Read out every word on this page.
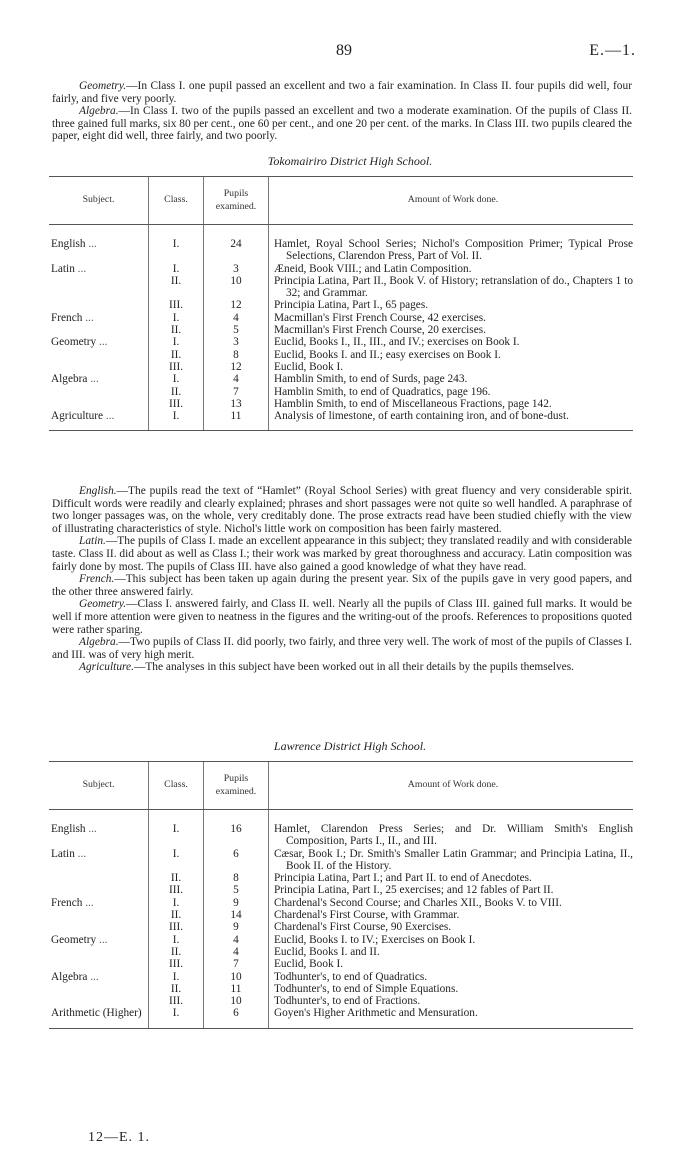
89	E.—1.

Geometry.—In Class I. one pupil passed an excellent and two a fair examination. In Class II. four pupils did well, four fairly, and five very poorly.

Algebra.—In Class I. two of the pupils passed an excellent and two a moderate examination. Of the pupils of Class II. three gained full marks, six 80 per cent., one 60 per cent., and one 20 per cent. of the marks. In Class III. two pupils cleared the paper, eight did well, three fairly, and two poorly.

Tokomairiro District High School.
Subject.	Class.	Pupils examined.	Amount of Work done.

English ...	I.	24	Hamlet, Royal School Series; Nichol's Composition Primer; Typical Prose Selections, Clarendon Press, Part of Vol. II.

Latin ...	I.	3	Æneid, Book VIII.; and Latin Composition.

	II.	10	Principia Latina, Part II., Book V. of History; retranslation of do., Chapters 1 to 32; and Grammar.

	III.	12	Principia Latina, Part I., 65 pages.

French ...	I.	4	Macmillan's First French Course, 42 exercises.

	II.	5	Macmillan's First French Course, 20 exercises.

Geometry ...	I.	3	Euclid, Books I., II., III., and IV.; exercises on Book I.

	II.	8	Euclid, Books I. and II.; easy exercises on Book I.

	III.	12	Euclid, Book I.

Algebra ...	I.	4	Hamblin Smith, to end of Surds, page 243.

	II.	7	Hamblin Smith, to end of Quadratics, page 196.

	III.	13	Hamblin Smith, to end of Miscellaneous Fractions, page 142.

Agriculture ...	I.	11	Analysis of limestone, of earth containing iron, and of bone-dust.

English.—The pupils read the text of “Hamlet” (Royal School Series) with great fluency and very considerable spirit. Difficult words were readily and clearly explained; phrases and short passages were not quite so well handled. A paraphrase of two longer passages was, on the whole, very creditably done. The prose extracts read have been studied chiefly with the view of illustrating characteristics of style. Nichol's little work on composition has been fairly mastered.

Latin.—The pupils of Class I. made an excellent appearance in this subject; they translated readily and with considerable taste. Class II. did about as well as Class I.; their work was marked by great thoroughness and accuracy. Latin composition was fairly done by most. The pupils of Class III. have also gained a good knowledge of what they have read.

French.—This subject has been taken up again during the present year. Six of the pupils gave in very good papers, and the other three answered fairly.

Geometry.—Class I. answered fairly, and Class II. well. Nearly all the pupils of Class III. gained full marks. It would be well if more attention were given to neatness in the figures and the writing-out of the proofs. References to propositions quoted were rather sparing.

Algebra.—Two pupils of Class II. did poorly, two fairly, and three very well. The work of most of the pupils of Classes I. and III. was of very high merit.

Agriculture.—The analyses in this subject have been worked out in all their details by the pupils themselves.

Lawrence District High School.
Subject.	Class.	Pupils examined.	Amount of Work done.

English ...	I.	16	Hamlet, Clarendon Press Series; and Dr. William Smith's English Composition, Parts I., II., and III.

Latin ...	I.	6	Cæsar, Book I.; Dr. Smith's Smaller Latin Grammar; and Principia Latina, II., Book II. of the History.

	II.	8	Principia Latina, Part I.; and Part II. to end of Anecdotes.

	III.	5	Principia Latina, Part I., 25 exercises; and 12 fables of Part II.

French ...	I.	9	Chardenal's Second Course; and Charles XII., Books V. to VIII.

	II.	14	Chardenal's First Course, with Grammar.

	III.	9	Chardenal's First Course, 90 Exercises.

Geometry ...	I.	4	Euclid, Books I. to IV.; Exercises on Book I.

	II.	4	Euclid, Books I. and II.

	III.	7	Euclid, Book I.

Algebra ...	I.	10	Todhunter's, to end of Quadratics.

	II.	11	Todhunter's, to end of Simple Equations.

	III.	10	Todhunter's, to end of Fractions.

Arithmetic (Higher)	I.	6	Goyen's Higher Arithmetic and Mensuration.

12—E. 1.
